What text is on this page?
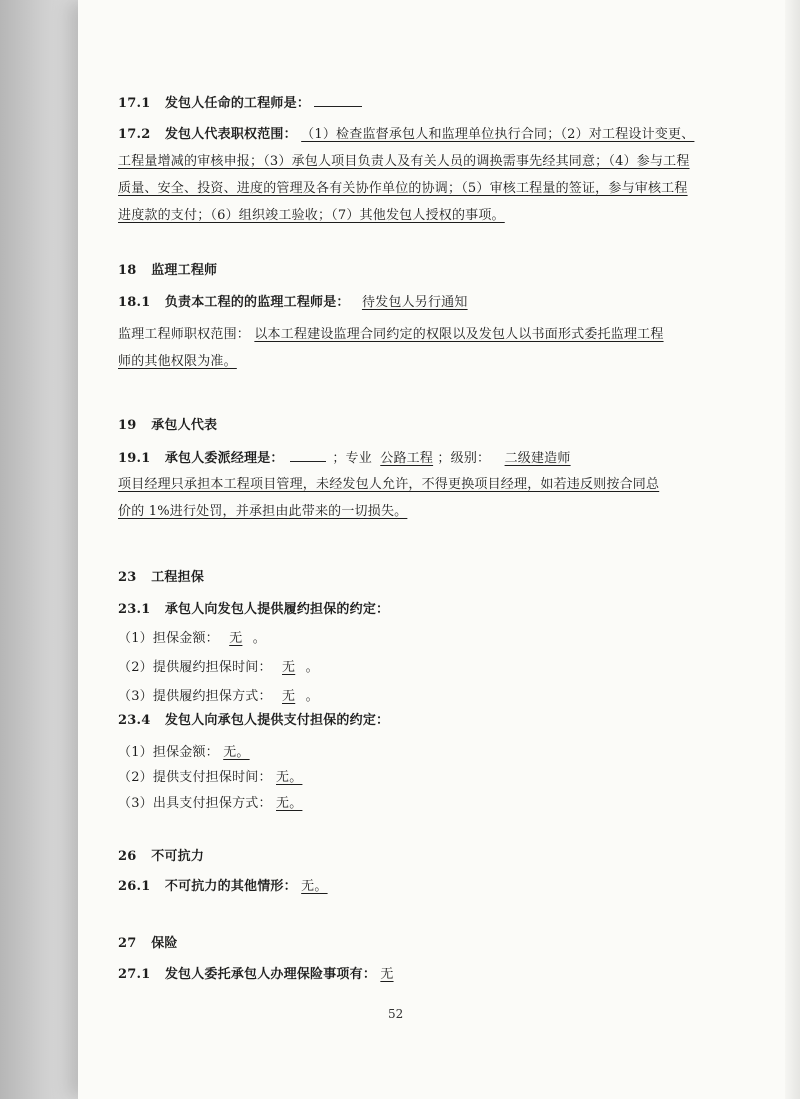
17.1 发包人任命的工程师是：
17.2 发包人代表职权范围： （1）检查监督承包人和监理单位执行合同；（2）对工程设计变更、
工程量增减的审核申报；（3）承包人项目负责人及有关人员的调换需事先经其同意；（4）参与工程
质量、安全、投资、进度的管理及各有关协作单位的协调；（5）审核工程量的签证，参与审核工程
进度款的支付；（6）组织竣工验收；（7）其他发包人授权的事项。
18 监理工程师
18.1 负责本工程的的监理工程师是： 待发包人另行通知
监理工程师职权范围： 以本工程建设监理合同约定的权限以及发包人以书面形式委托监理工程
师的其他权限为准。
19 承包人代表
19.1 承包人委派经理是：	；专业 公路工程 ；级别： 二级建造师
项目经理只承担本工程项目管理，未经发包人允许，不得更换项目经理，如若违反则按合同总
价的 1%进行处罚，并承担由此带来的一切损失。
23 工程担保
23.1 承包人向发包人提供履约担保的约定：
（1）担保金额： 无 。
（2）提供履约担保时间： 无 。
（3）提供履约担保方式： 无 。
23.4 发包人向承包人提供支付担保的约定：
（1）担保金额： 无。
（2）提供支付担保时间： 无。
（3）出具支付担保方式： 无。
26 不可抗力
26.1 不可抗力的其他情形： 无。
27 保险
27.1 发包人委托承包人办理保险事项有： 无
52
